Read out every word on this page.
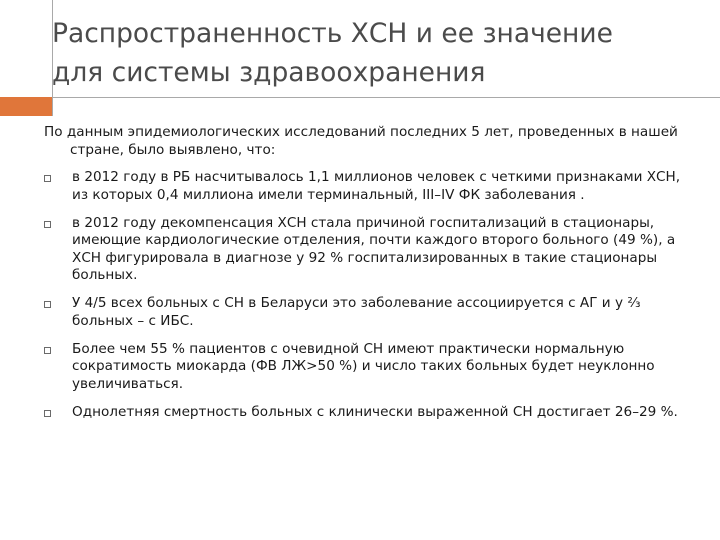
Распространенность ХСН и ее значение
для системы здравоохранения

По данным эпидемиологических исследований последних 5 лет, проведенных в нашей стране, было выявлено, что:

в 2012 году в РБ насчитывалось 1,1 миллионов человек с четкими признаками ХСН, из которых 0,4 миллиона имели терминальный, III–IV ФК заболевания .
в 2012 году декомпенсация ХСН стала причиной госпитализаций в стационары, имеющие кардиологические отделения, почти каждого второго больного (49 %), а ХСН фигурировала в диагнозе у 92 % госпитализированных в такие стационары больных.
У 4/5 всех больных с СН в Беларуси это заболевание ассоциируется с АГ и у ⅔ больных – с ИБС.
Более чем 55 % пациентов с очевидной СН имеют практически нормальную сократимость миокарда (ФВ ЛЖ>50 %) и число таких больных будет неуклонно увеличиваться.
Однолетняя смертность больных с клинически выраженной СН достигает 26–29 %.
